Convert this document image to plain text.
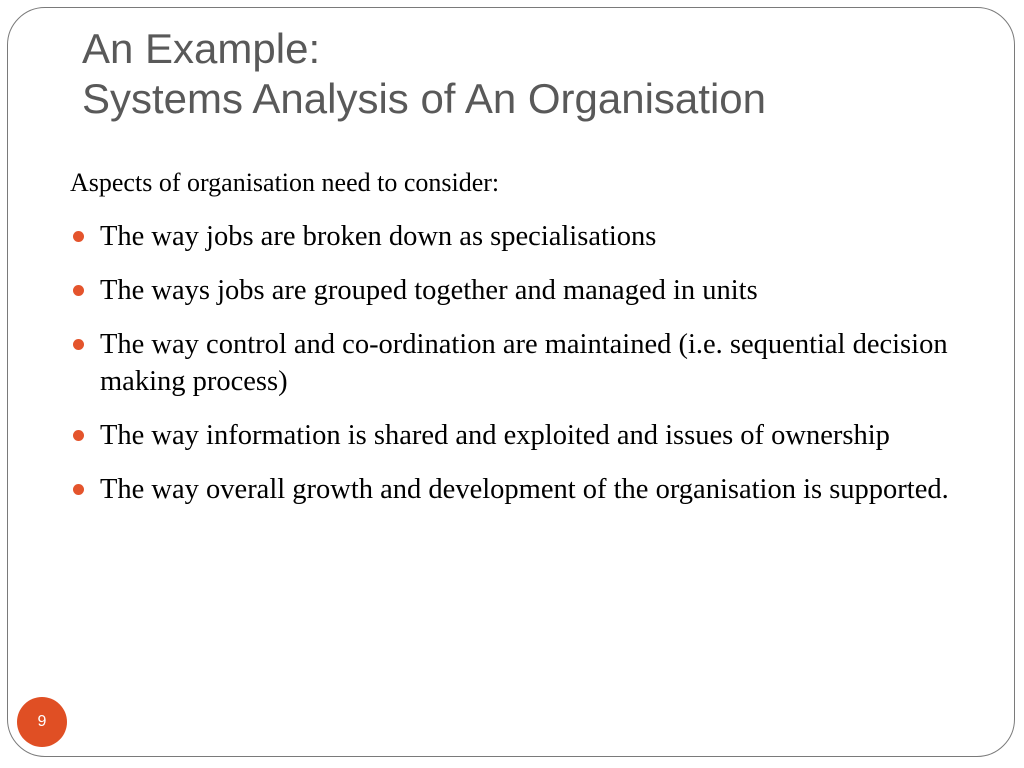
An Example:
Systems Analysis of An Organisation

Aspects of organisation need to consider:

The way jobs are broken down as specialisations
The ways jobs are grouped together and managed in units
The way control and co-ordination are maintained (i.e. sequential decision making process)
The way information is shared and exploited and issues of ownership
The way overall growth and development of the organisation is supported.
9
